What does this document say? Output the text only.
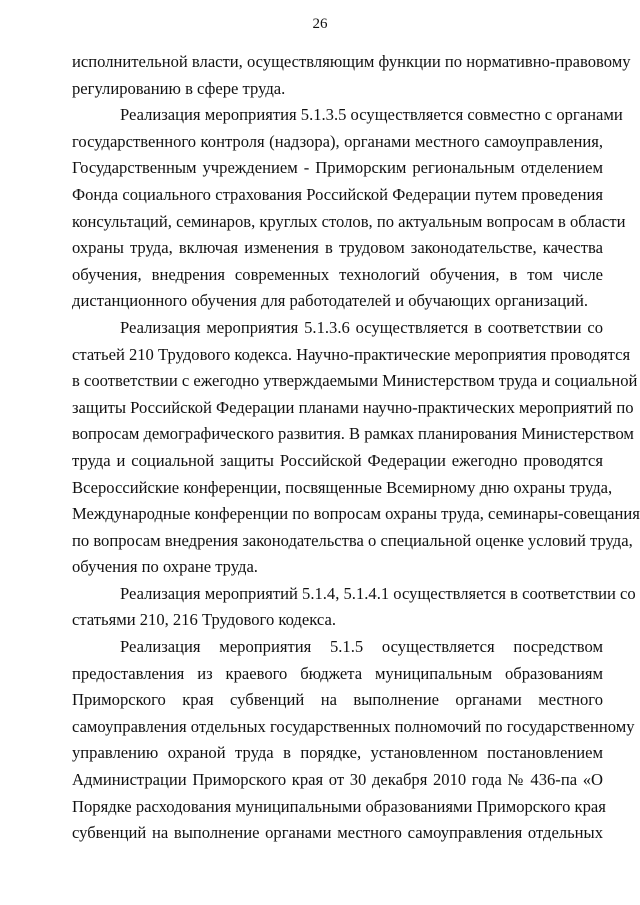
26
исполнительной власти, осуществляющим функции по нормативно-правовому
регулированию в сфере труда.
Реализация мероприятия 5.1.3.5 осуществляется совместно с органами
государственного контроля (надзора), органами местного самоуправления,
Государственным учреждением - Приморским региональным отделением
Фонда социального страхования Российской Федерации путем проведения
консультаций, семинаров, круглых столов, по актуальным вопросам в области
охраны труда, включая изменения в трудовом законодательстве, качества
обучения, внедрения современных технологий обучения, в том числе
дистанционного обучения для работодателей и обучающих организаций.
Реализация мероприятия 5.1.3.6 осуществляется в соответствии со
статьей 210 Трудового кодекса. Научно-практические мероприятия проводятся
в соответствии с ежегодно утверждаемыми Министерством труда и социальной
защиты Российской Федерации планами научно-практических мероприятий по
вопросам демографического развития. В рамках планирования Министерством
труда и социальной защиты Российской Федерации ежегодно проводятся
Всероссийские конференции, посвященные Всемирному дню охраны труда,
Международные конференции по вопросам охраны труда, семинары-совещания
по вопросам внедрения законодательства о специальной оценке условий труда,
обучения по охране труда.
Реализация мероприятий 5.1.4, 5.1.4.1 осуществляется в соответствии со
статьями 210, 216 Трудового кодекса.
Реализация мероприятия 5.1.5 осуществляется посредством
предоставления из краевого бюджета муниципальным образованиям
Приморского края субвенций на выполнение органами местного
самоуправления отдельных государственных полномочий по государственному
управлению охраной труда в порядке, установленном постановлением
Администрации Приморского края от 30 декабря 2010 года № 436-па «О
Порядке расходования муниципальными образованиями Приморского края
субвенций на выполнение органами местного самоуправления отдельных
